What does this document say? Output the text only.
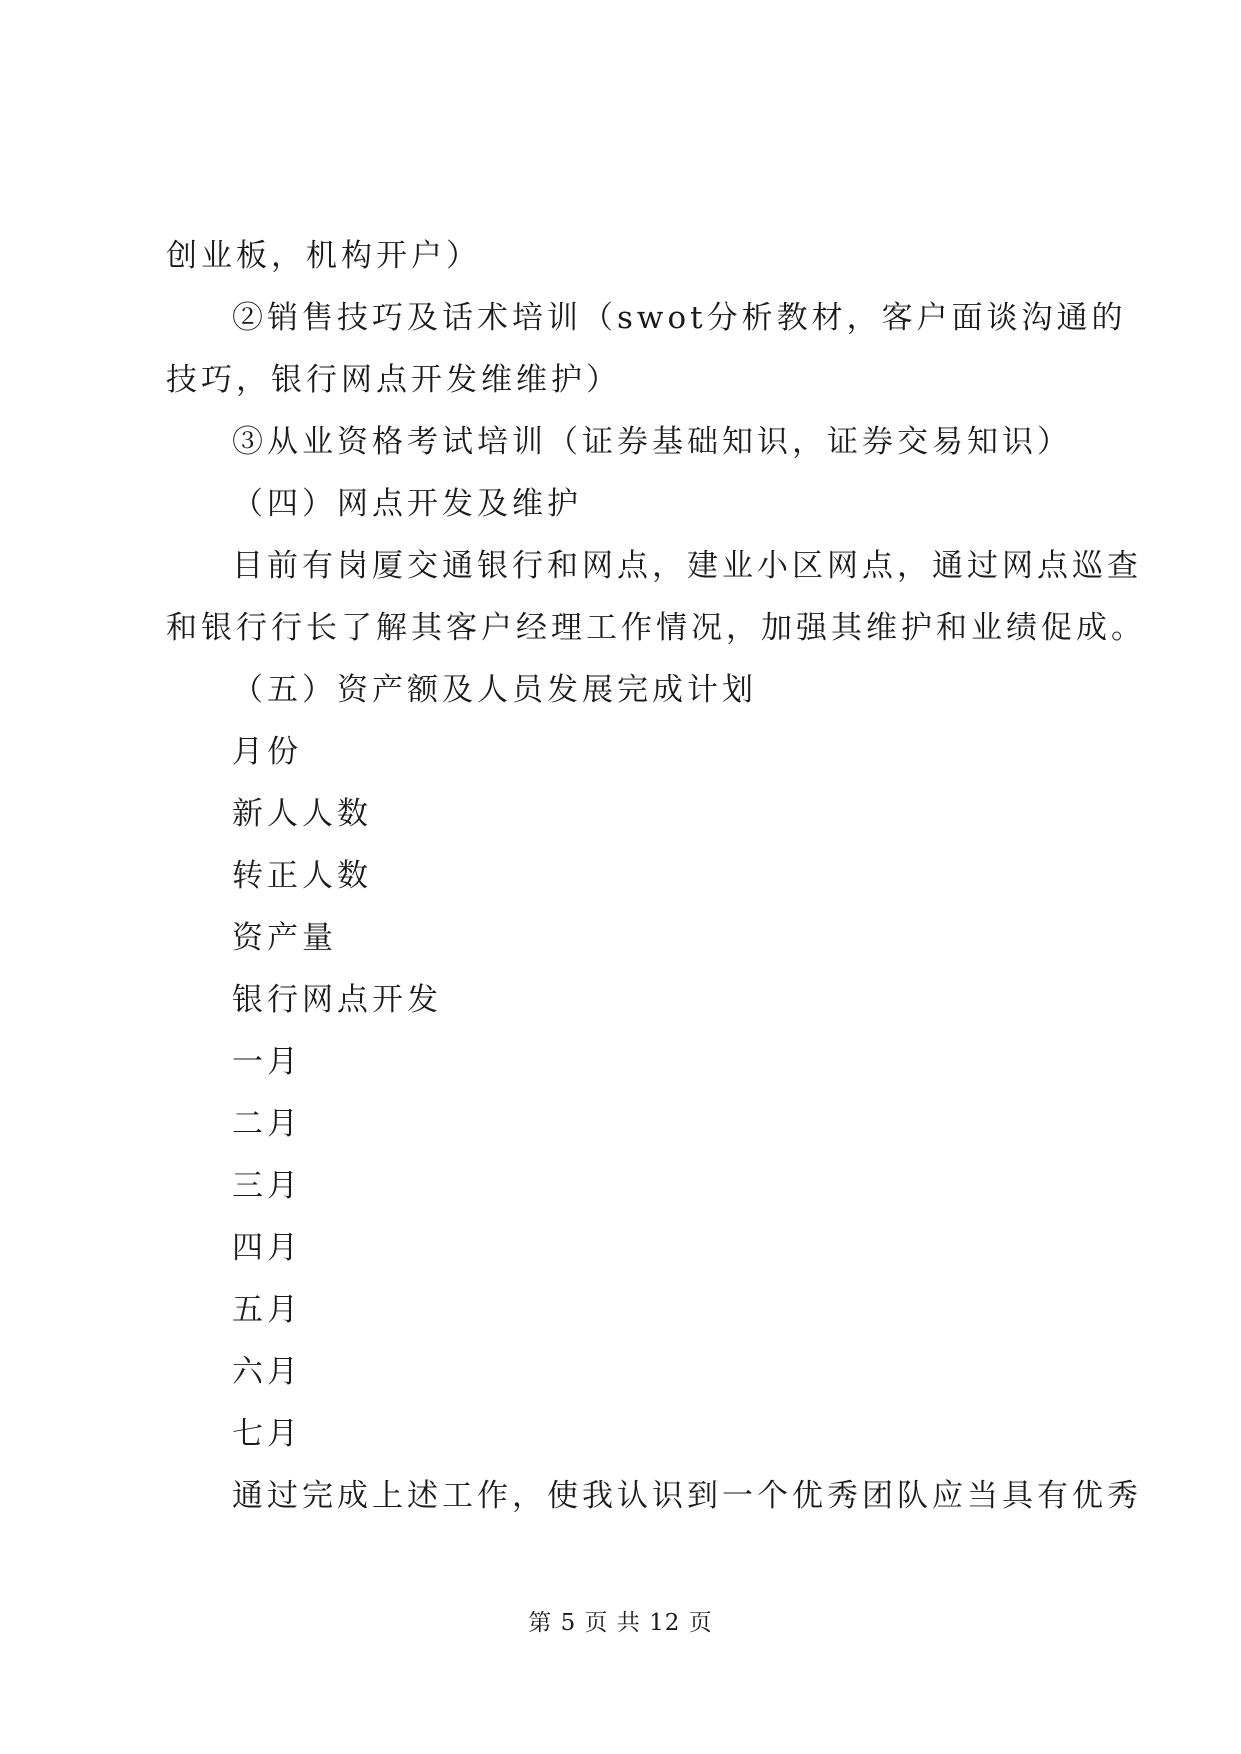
创业板，机构开户）
②销售技巧及话术培训（swot分析教材，客户面谈沟通的
技巧，银行网点开发维维护）
③从业资格考试培训（证券基础知识，证券交易知识）
（四）网点开发及维护
目前有岗厦交通银行和网点，建业小区网点，通过网点巡查
和银行行长了解其客户经理工作情况，加强其维护和业绩促成。
（五）资产额及人员发展完成计划
月份
新人人数
转正人数
资产量
银行网点开发
一月
二月
三月
四月
五月
六月
七月
通过完成上述工作，使我认识到一个优秀团队应当具有优秀
第 5 页 共 12 页
